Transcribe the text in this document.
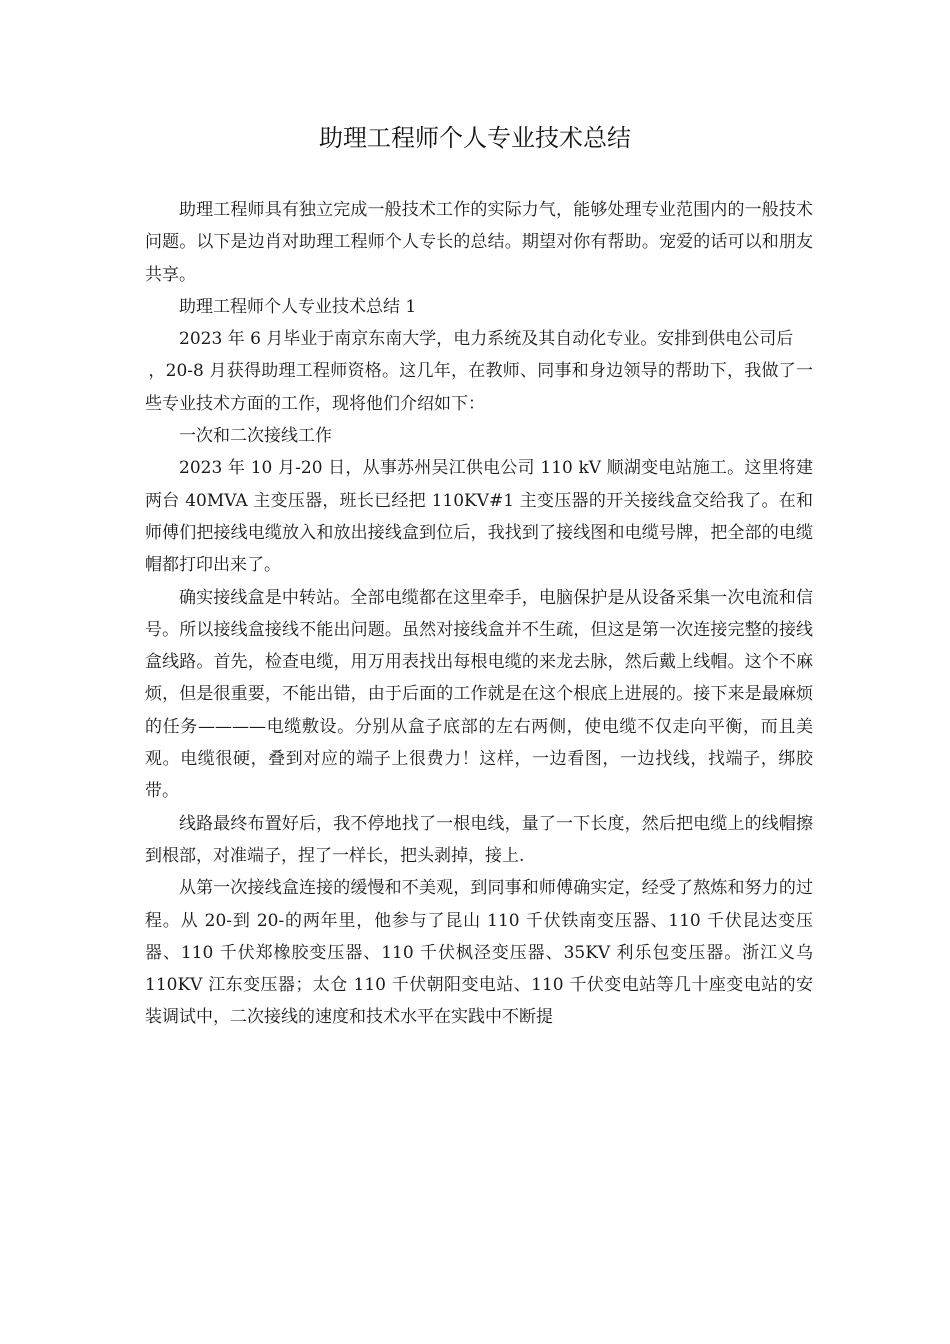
助理工程师个人专业技术总结

助理工程师具有独立完成一般技术工作的实际力气，能够处理专业范围内的一般技术问题。以下是边肖对助理工程师个人专长的总结。期望对你有帮助。宠爱的话可以和朋友共享。

助理工程师个人专业技术总结 1

2023 年 6 月毕业于南京东南大学，电力系统及其自动化专业。安排到供电公司后

，20-8 月获得助理工程师资格。这几年，在教师、同事和身边领导的帮助下，我做了一些专业技术方面的工作，现将他们介绍如下：

一次和二次接线工作

2023 年 10 月-20 日，从事苏州吴江供电公司 110 kV 顺湖变电站施工。这里将建两台 40MVA 主变压器，班长已经把 110KV#1 主变压器的开关接线盒交给我了。在和师傅们把接线电缆放入和放出接线盒到位后，我找到了接线图和电缆号牌，把全部的电缆帽都打印出来了。

确实接线盒是中转站。全部电缆都在这里牵手，电脑保护是从设备采集一次电流和信号。所以接线盒接线不能出问题。虽然对接线盒并不生疏，但这是第一次连接完整的接线盒线路。首先，检查电缆，用万用表找出每根电缆的来龙去脉，然后戴上线帽。这个不麻烦，但是很重要，不能出错，由于后面的工作就是在这个根底上进展的。接下来是最麻烦的任务————电缆敷设。分别从盒子底部的左右两侧，使电缆不仅走向平衡，而且美观。电缆很硬，叠到对应的端子上很费力！这样，一边看图，一边找线，找端子，绑胶带。

线路最终布置好后，我不停地找了一根电线，量了一下长度，然后把电缆上的线帽擦到根部，对准端子，捏了一样长，把头剥掉，接上.

从第一次接线盒连接的缓慢和不美观，到同事和师傅确实定，经受了熬炼和努力的过程。从 20-到 20-的两年里，他参与了昆山 110 千伏铁南变压器、110 千伏昆达变压器、110 千伏郑橡胶变压器、110 千伏枫泾变压器、35KV 利乐包变压器。浙江义乌 110KV 江东变压器；太仓 110 千伏朝阳变电站、110 千伏变电站等几十座变电站的安装调试中，二次接线的速度和技术水平在实践中不断提
